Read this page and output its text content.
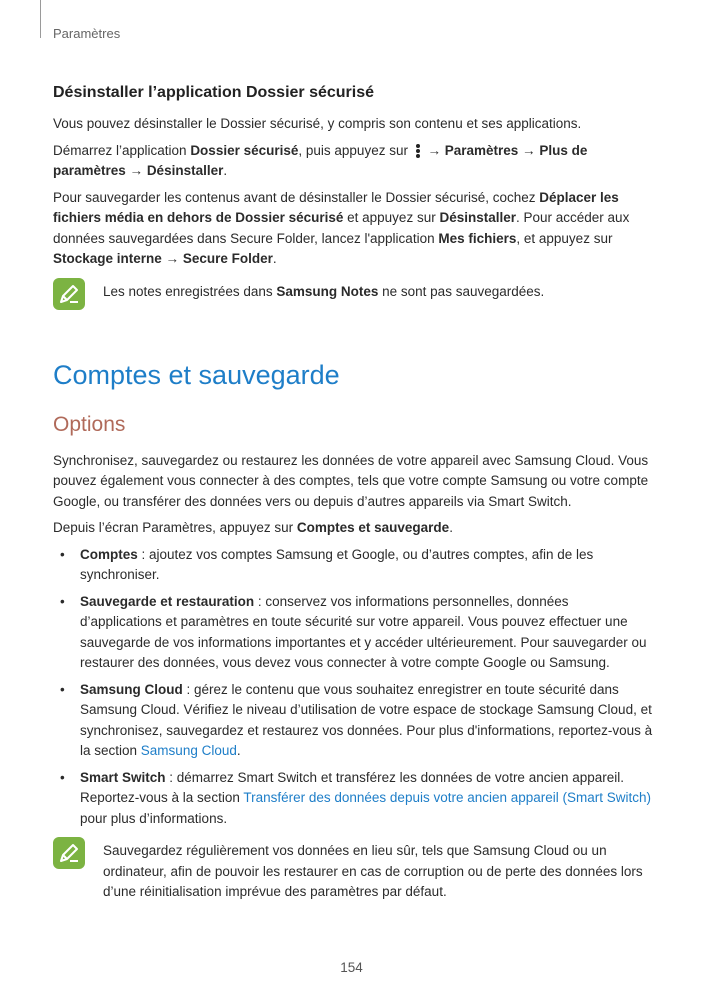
Paramètres
Désinstaller l’application Dossier sécurisé

Vous pouvez désinstaller le Dossier sécurisé, y compris son contenu et ses applications.

Démarrez l’application Dossier sécurisé, puis appuyez sur
→ Paramètres → Plus de paramètres → Désinstaller.

Pour sauvegarder les contenus avant de désinstaller le Dossier sécurisé, cochez Déplacer les fichiers média en dehors de Dossier sécurisé et appuyez sur Désinstaller. Pour accéder aux données sauvegardées dans Secure Folder, lancez l'application Mes fichiers, et appuyez sur Stockage interne → Secure Folder.

Les notes enregistrées dans Samsung Notes ne sont pas sauvegardées.
Comptes et sauvegarde
Options

Synchronisez, sauvegardez ou restaurez les données de votre appareil avec Samsung Cloud. Vous pouvez également vous connecter à des comptes, tels que votre compte Samsung ou votre compte Google, ou transférer des données vers ou depuis d’autres appareils via Smart Switch.

Depuis l’écran Paramètres, appuyez sur Comptes et sauvegarde.

• Comptes : ajoutez vos comptes Samsung et Google, ou d’autres comptes, afin de les synchroniser.
• Sauvegarde et restauration : conservez vos informations personnelles, données d’applications et paramètres en toute sécurité sur votre appareil. Vous pouvez effectuer une sauvegarde de vos informations importantes et y accéder ultérieurement. Pour sauvegarder ou restaurer des données, vous devez vous connecter à votre compte Google ou Samsung.
• Samsung Cloud : gérez le contenu que vous souhaitez enregistrer en toute sécurité dans Samsung Cloud. Vérifiez le niveau d’utilisation de votre espace de stockage Samsung Cloud, et synchronisez, sauvegardez et restaurez vos données. Pour plus d'informations, reportez-vous à la section Samsung Cloud.
• Smart Switch : démarrez Smart Switch et transférez les données de votre ancien appareil. Reportez-vous à la section Transférer des données depuis votre ancien appareil (Smart Switch) pour plus d’informations.
Sauvegardez régulièrement vos données en lieu sûr, tels que Samsung Cloud ou un ordinateur, afin de pouvoir les restaurer en cas de corruption ou de perte des données lors d’une réinitialisation imprévue des paramètres par défaut.
154
